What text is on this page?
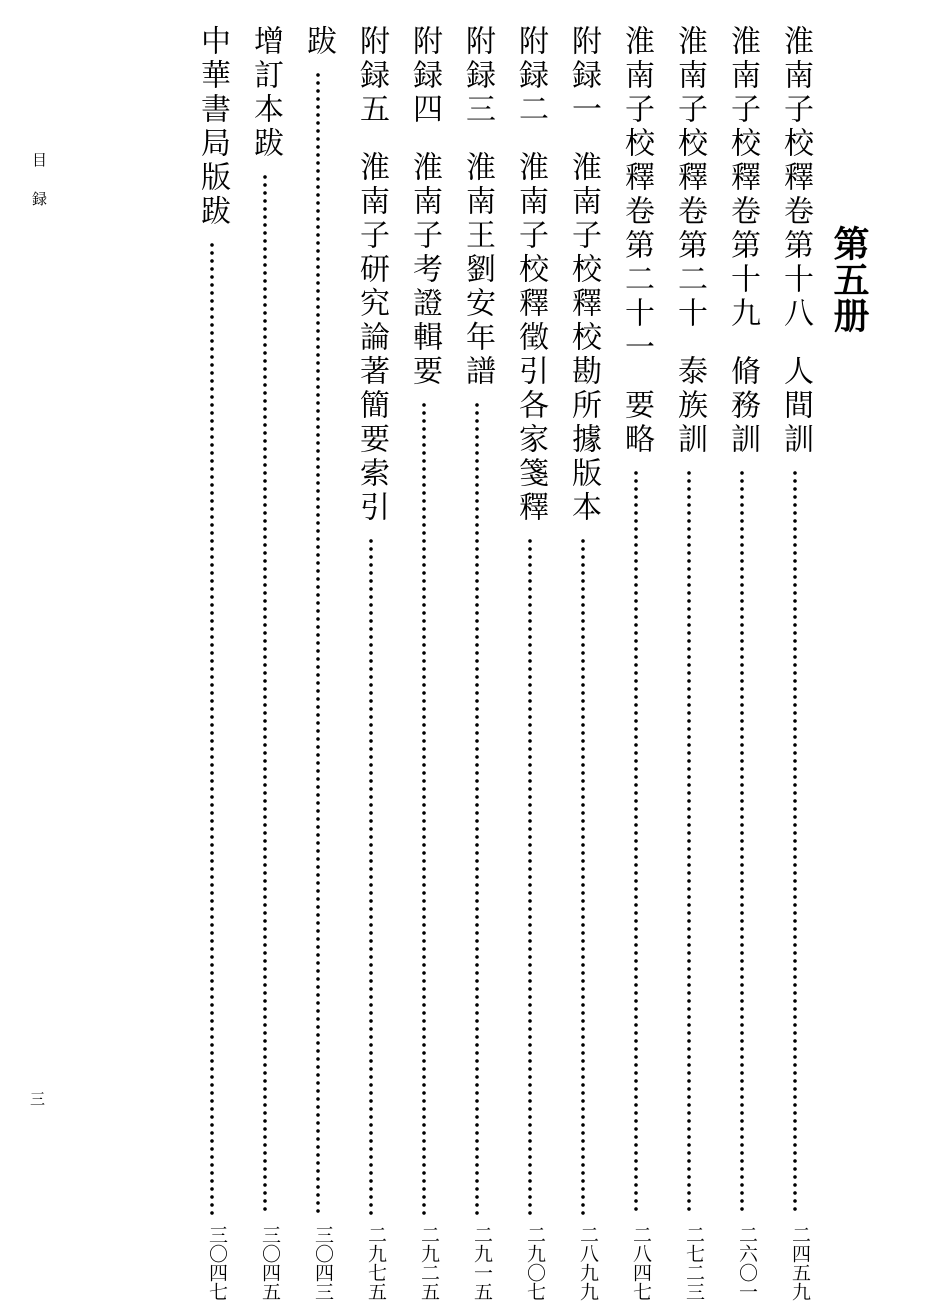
目録
三
第五册
淮南子校釋卷第十八
人間訓
二四五九
淮南子校釋卷第十九
脩務訓
二六〇一
淮南子校釋卷第二十
泰族訓
二七二三
淮南子校釋卷第二十一
要略
二八四七
附録一
淮南子校釋校勘所據版本
二八九九
附録二
淮南子校釋徵引各家箋釋
二九〇七
附録三
淮南王劉安年譜
二九一五
附録四
淮南子考證輯要
二九二五
附録五
淮南子研究論著簡要索引
二九七五
跋
三〇四三
增訂本跋
三〇四五
中華書局版跋
三〇四七
